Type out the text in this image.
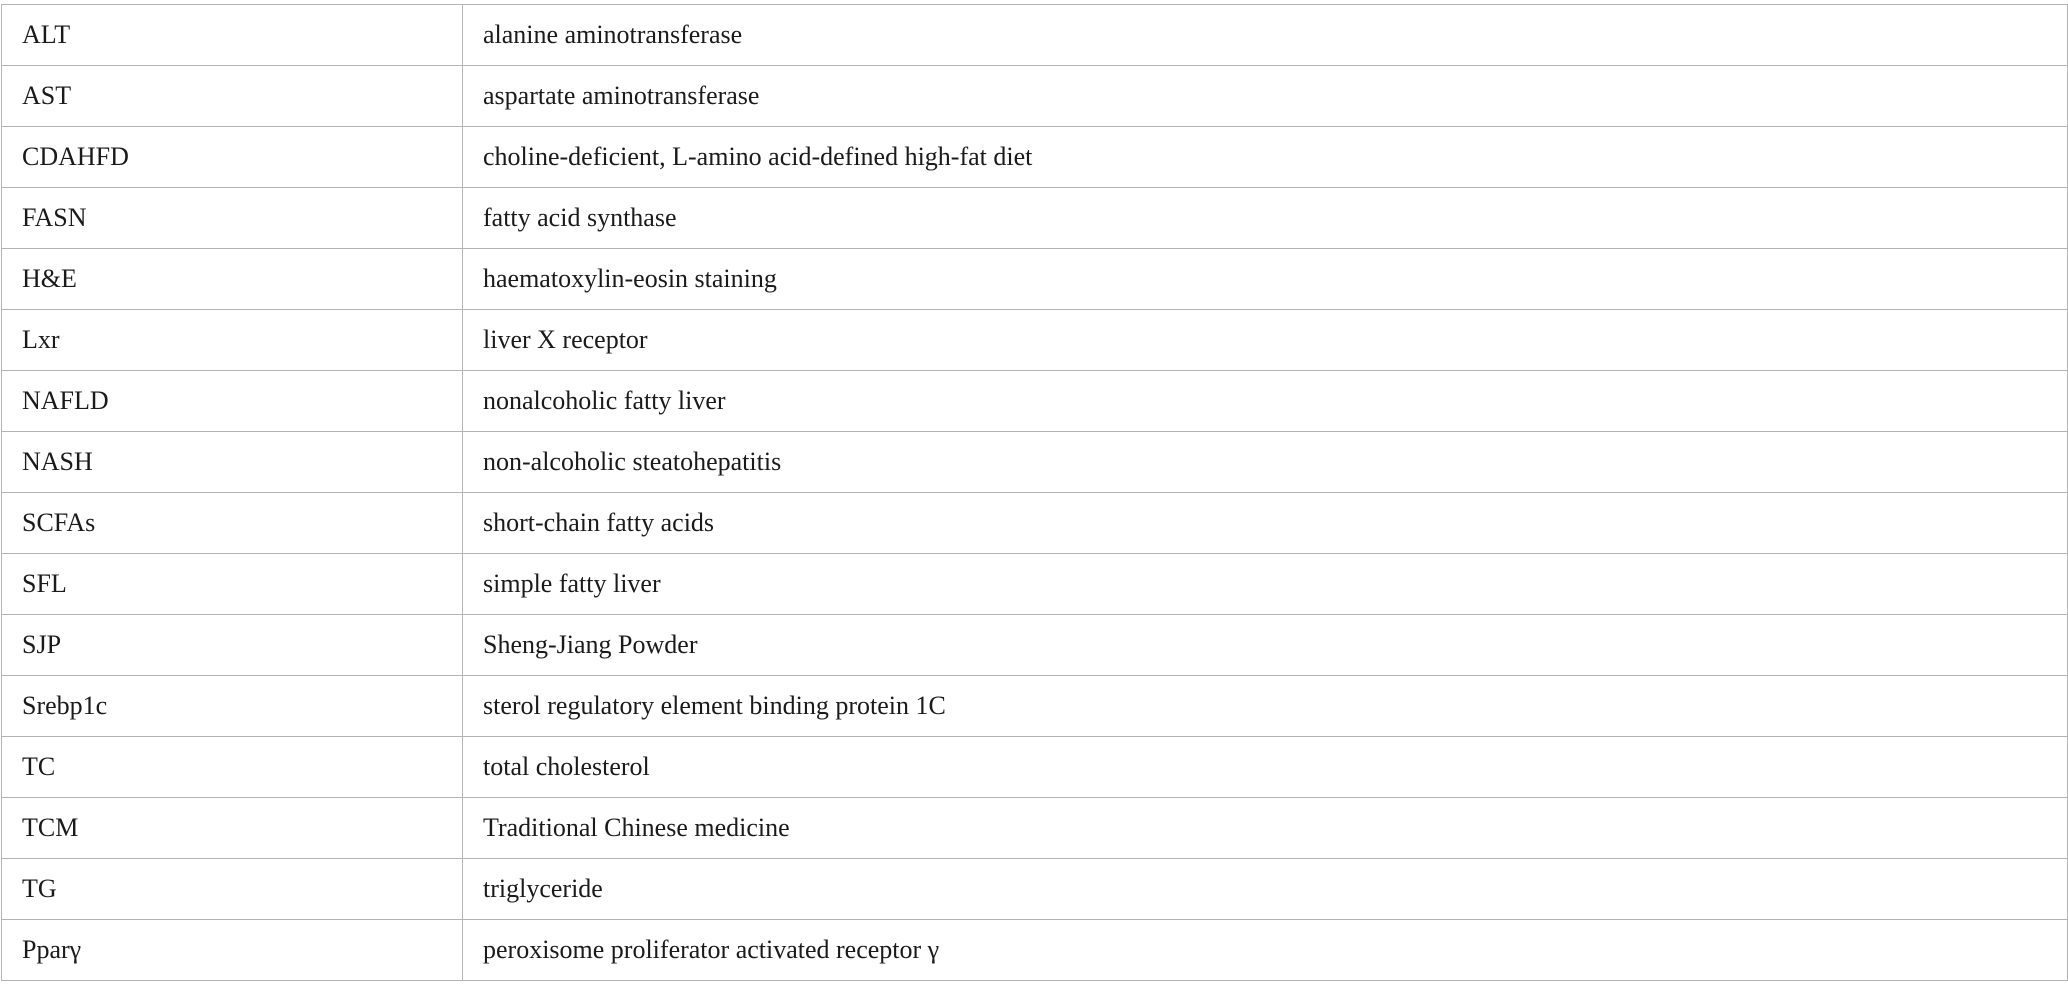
ALT	alanine aminotransferase
AST	aspartate aminotransferase
CDAHFD	choline-deficient, L-amino acid-defined high-fat diet
FASN	fatty acid synthase
H&E	haematoxylin-eosin staining
Lxr	liver X receptor
NAFLD	nonalcoholic fatty liver
NASH	non-alcoholic steatohepatitis
SCFAs	short-chain fatty acids
SFL	simple fatty liver
SJP	Sheng-Jiang Powder
Srebp1c	sterol regulatory element binding protein 1C
TC	total cholesterol
TCM	Traditional Chinese medicine
TG	triglyceride
Pparγ	peroxisome proliferator activated receptor γ
